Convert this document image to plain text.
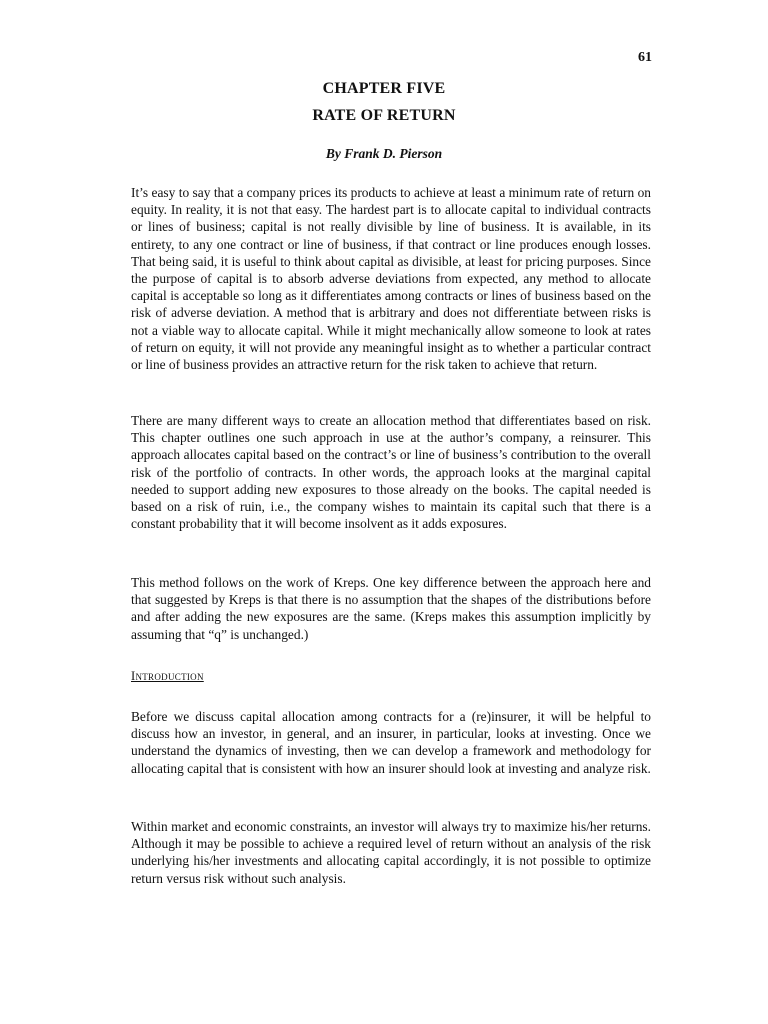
61
CHAPTER FIVE
RATE OF RETURN
By Frank D. Pierson

It’s easy to say that a company prices its products to achieve at least a minimum rate of return on equity. In reality, it is not that easy. The hardest part is to allocate capital to individual contracts or lines of business; capital is not really divisible by line of business. It is available, in its entirety, to any one contract or line of business, if that contract or line produces enough losses. That being said, it is useful to think about capital as divisible, at least for pricing purposes. Since the purpose of capital is to absorb adverse deviations from expected, any method to allocate capital is acceptable so long as it differentiates among contracts or lines of business based on the risk of adverse deviation. A method that is arbitrary and does not differentiate between risks is not a viable way to allocate capital. While it might mechanically allow someone to look at rates of return on equity, it will not provide any meaningful insight as to whether a particular contract or line of business provides an attractive return for the risk taken to achieve that return.

There are many different ways to create an allocation method that differentiates based on risk. This chapter outlines one such approach in use at the author’s company, a reinsurer. This approach allocates capital based on the contract’s or line of business’s contribution to the overall risk of the portfolio of contracts. In other words, the approach looks at the marginal capital needed to support adding new exposures to those already on the books. The capital needed is based on a risk of ruin, i.e., the company wishes to maintain its capital such that there is a constant probability that it will become insolvent as it adds exposures.

This method follows on the work of Kreps. One key difference between the approach here and that suggested by Kreps is that there is no assumption that the shapes of the distributions before and after adding the new exposures are the same. (Kreps makes this assumption implicitly by assuming that “q” is unchanged.)

Introduction

Before we discuss capital allocation among contracts for a (re)insurer, it will be helpful to discuss how an investor, in general, and an insurer, in particular, looks at investing. Once we understand the dynamics of investing, then we can develop a framework and methodology for allocating capital that is consistent with how an insurer should look at investing and analyze risk.

Within market and economic constraints, an investor will always try to maximize his/her returns. Although it may be possible to achieve a required level of return without an analysis of the risk underlying his/her investments and allocating capital accordingly, it is not possible to optimize return versus risk without such analysis.
